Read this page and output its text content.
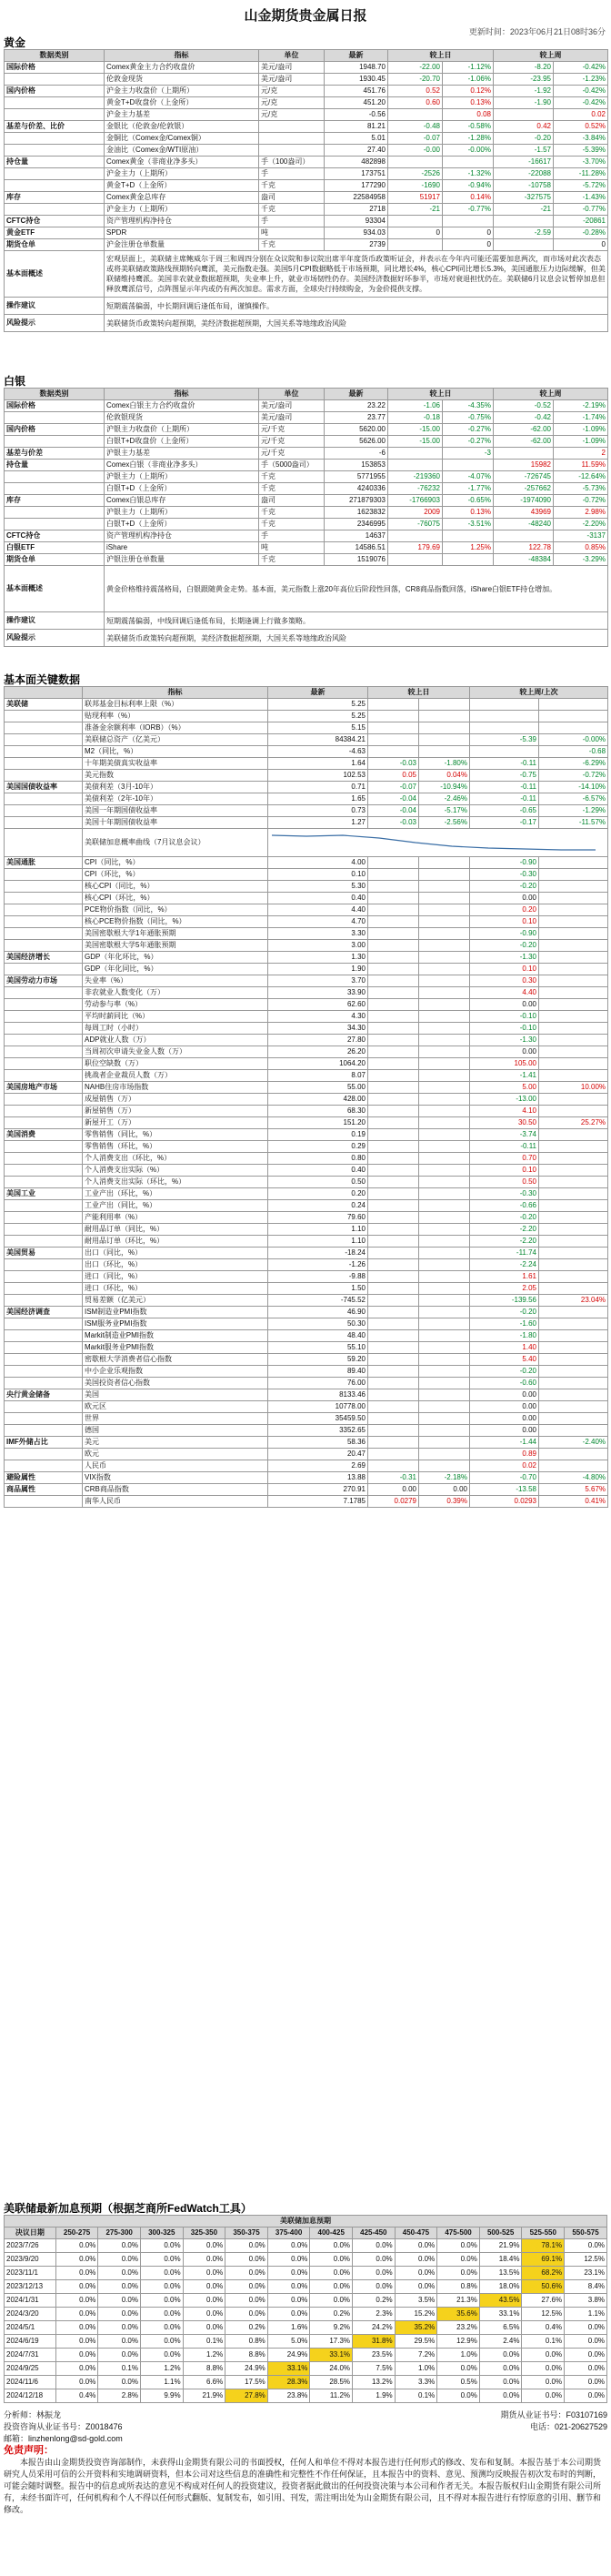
山金期货贵金属日报
更新时间：2023年06月21日08时36分
黄金
数据类别	指标	单位	最新	较上日		较上周	
国际价格	Comex黄金主力合约收盘价	美元/盎司	1948.70	-22.00	-1.12%	-8.20	-0.42%
	伦敦金现货	美元/盎司	1930.45	-20.70	-1.06%	-23.95	-1.23%
国内价格	沪金主力收盘价（上期所）	元/克	451.76	0.52	0.12%	-1.92	-0.42%
	黄金T+D收盘价（上金所）	元/克	451.20	0.60	0.13%	-1.90	-0.42%
	沪金主力基差	元/克	-0.56		0.08		0.02
基差与价差、比价	金银比（伦敦金/伦敦银）		81.21	-0.48	-0.58%	0.42	0.52%
	金铜比（Comex金/Comex铜）		5.01	-0.07	-1.28%	-0.20	-3.84%
	金油比（Comex金/WTI原油）		27.40	-0.00	-0.00%	-1.57	-5.39%
持仓量	Comex黄金（非商业净多头）	手（100盎司）	482898			-16617	-3.70%
	沪金主力（上期所）	手	173751	-2526	-1.32%	-22088	-11.28%
	黄金T+D（上金所）	千克	177290	-1690	-0.94%	-10758	-5.72%
库存	Comex黄金总库存	盎司	22584958	51917	0.14%	-327575	-1.43%
	沪金主力（上期所）	千克	2718	-21	-0.77%	-21	-0.77%
CFTC持仓	资产管理机构净持仓	手	93304				-20861
黄金ETF	SPDR	吨	934.03	0	0	-2.59	-0.28%
期货仓单	沪金注册仓单数量	千克	2739		0		0
基本面概述	宏观层面上，美联储主席鲍威尔于周三和周四分别在众议院和参议院出席半年度货币政策听证会，并表示在今年内可能还需要加息两次，而市场对此次表态或将美联储政策路线预期转向鹰派，美元指数走强。美国5月CPI数据略低于市场预期，同比增长4%，核心CPI同比增长5.3%，美国通胀压力边际缓解，但美联储维持鹰派。美国非农就业数据超预期，失业率上升，就业市场韧性仍存。美国经济数据好坏参半，市场对衰退担忧仍在。美联储6月议息会议暂停加息但释放鹰派信号，点阵图显示年内或仍有两次加息。需求方面，全球央行持续购金，为金价提供支撑。						
操作建议	短期震荡偏弱，中长期回调后逢低布局，谨慎操作。						
风险提示	美联储货币政策转向超预期，美经济数据超预期，大国关系等地缘政治风险						
白银
数据类别	指标	单位	最新	较上日		较上周	
国际价格	Comex白银主力合约收盘价	美元/盎司	23.22	-1.06	-4.35%	-0.52	-2.19%
	伦敦银现货	美元/盎司	23.77	-0.18	-0.75%	-0.42	-1.74%
国内价格	沪银主力收盘价（上期所）	元/千克	5620.00	-15.00	-0.27%	-62.00	-1.09%
	白银T+D收盘价（上金所）	元/千克	5626.00	-15.00	-0.27%	-62.00	-1.09%
基差与价差	沪银主力基差	元/千克	-6		-3		2
持仓量	Comex白银（非商业净多头）	手（5000盎司）	153853			15982	11.59%
	沪银主力（上期所）	千克	5771955	-219360	-4.07%	-726745	-12.64%
	白银T+D（上金所）	千克	4240336	-76232	-1.77%	-257662	-5.73%
库存	Comex白银总库存	盎司	271879303	-1766903	-0.65%	-1974090	-0.72%
	沪银主力（上期所）	千克	1623832	2009	0.13%	43969	2.98%
	白银T+D（上金所）	千克	2346995	-76075	-3.51%	-48240	-2.20%
CFTC持仓	资产管理机构净持仓	手	14637				-3137
白银ETF	iShare	吨	14586.51	179.69	1.25%	122.78	0.85%
期货仓单	沪银注册仓单数量	千克	1519076			-48384	-3.29%
基本面概述	黄金价格维持震荡格局，白银跟随黄金走势。基本面，美元指数上涨20年高位后阶段性回落，CR8商品指数回落，iShare白银ETF持仓增加。						
操作建议	短期震荡偏弱，中线回调后逢低布局，长期逢调上行做多策略。						
风险提示	美联储货币政策转向超预期，美经济数据超预期，大国关系等地缘政治风险						
基本面关键数据
	指标	最新	较上日		较上周/上次	
美联储	联邦基金目标利率上限（%）	5.25				
	贴现利率（%）	5.25				
	准备金余额利率（IORB）（%）	5.15				
	美联储总资产（亿美元）	84384.21			-5.39	-0.00%
	M2（同比，%）	-4.63				-0.68
	十年期美债真实收益率	1.64	-0.03	-1.80%	-0.11	-6.29%
	美元指数	102.53	0.05	0.04%	-0.75	-0.72%
美国国债收益率	美债利差（3月-10年）	0.71	-0.07	-10.94%	-0.11	-14.10%
	美债利差（2年-10年）	1.65	-0.04	-2.46%	-0.11	-6.57%
	美国一年期国债收益率	0.73	-0.04	-5.17%	-0.65	-1.29%
	美国十年期国债收益率	1.27	-0.03	-2.56%	-0.17	-11.57%
	美联储加息概率曲线（7月议息会议）	

美国通胀	CPI（同比，%）	4.00			-0.90	
	CPI（环比，%）	0.10			-0.30	
	核心CPI（同比，%）	5.30			-0.20	
	核心CPI（环比，%）	0.40			0.00	
	PCE物价指数（同比，%）	4.40			0.20	
	核心PCE物价指数（同比，%）	4.70			0.10	
	美国密歇根大学1年通胀预期	3.30			-0.90	
	美国密歇根大学5年通胀预期	3.00			-0.20	
美国经济增长	GDP（年化环比，%）	1.30			-1.30	
	GDP（年化同比，%）	1.90			0.10	
美国劳动力市场	失业率（%）	3.70			0.30	
	非农就业人数变化（万）	33.90			4.40	
	劳动参与率（%）	62.60			0.00	
	平均时薪同比（%）	4.30			-0.10	
	每周工时（小时）	34.30			-0.10	
	ADP就业人数（万）	27.80			-1.30	
	当周初次申请失业金人数（万）	26.20			0.00	
	职位空缺数（万）	1064.20			105.00	
	挑战者企业裁员人数（万）	8.07			-1.41	
美国房地产市场	NAHB住房市场指数	55.00			5.00	10.00%
	成屋销售（万）	428.00			-13.00	
	新屋销售（万）	68.30			4.10	
	新屋开工（万）	151.20			30.50	25.27%
美国消费	零售销售（同比，%）	0.19			-3.74	
	零售销售（环比，%）	0.29			-0.11	
	个人消费支出（环比，%）	0.80			0.70	
	个人消费支出实际（%）	0.40			0.10	
	个人消费支出实际（环比，%）	0.50			0.50	
美国工业	工业产出（环比，%）	0.20			-0.30	
	工业产出（同比，%）	0.24			-0.66	
	产能利用率（%）	79.60			-0.20	
	耐用品订单（同比，%）	1.10			-2.20	
	耐用品订单（环比，%）	1.10			-2.20	
美国贸易	出口（同比，%）	-18.24			-11.74	
	出口（环比，%）	-1.26			-2.24	
	进口（同比，%）	-9.88			1.61	
	进口（环比，%）	1.50			2.05	
	贸易差额（亿美元）	-745.52			-139.56	23.04%
美国经济调查	ISM制造业PMI指数	46.90			-0.20	
	ISM服务业PMI指数	50.30			-1.60	
	Markit制造业PMI指数	48.40			-1.80	
	Markit服务业PMI指数	55.10			1.40	
	密歇根大学消费者信心指数	59.20			5.40	
	中小企业乐观指数	89.40			-0.20	
	美国投资者信心指数	76.00			-0.60	
央行黄金储备	美国	8133.46			0.00	
	欧元区	10778.00			0.00	
	世界	35459.50			0.00	
	德国	3352.65			0.00	
IMF外储占比	美元	58.36			-1.44	-2.40%
	欧元	20.47			0.89	
	人民币	2.69			0.02	
避险属性	VIX指数	13.88	-0.31	-2.18%	-0.70	-4.80%
商品属性	CRB商品指数	270.91	0.00	0.00	-13.58	5.67%
	南华人民币	7.1785	0.0279	0.39%	0.0293	0.41%
美联储最新加息预期（根据芝商所FedWatch工具）
美联储加息预期													
决议日期	250-275	275-300	300-325	325-350	350-375	375-400	400-425	425-450	450-475	475-500	500-525	525-550	550-575
2023/7/26	0.0%	0.0%	0.0%	0.0%	0.0%	0.0%	0.0%	0.0%	0.0%	0.0%	21.9%	78.1%	0.0%
2023/9/20	0.0%	0.0%	0.0%	0.0%	0.0%	0.0%	0.0%	0.0%	0.0%	0.0%	18.4%	69.1%	12.5%
2023/11/1	0.0%	0.0%	0.0%	0.0%	0.0%	0.0%	0.0%	0.0%	0.0%	0.0%	13.5%	68.2%	23.1%
2023/12/13	0.0%	0.0%	0.0%	0.0%	0.0%	0.0%	0.0%	0.0%	0.0%	0.8%	18.0%	50.6%	8.4%
2024/1/31	0.0%	0.0%	0.0%	0.0%	0.0%	0.0%	0.0%	0.2%	3.5%	21.3%	43.5%	27.6%	3.8%
2024/3/20	0.0%	0.0%	0.0%	0.0%	0.0%	0.0%	0.2%	2.3%	15.2%	35.6%	33.1%	12.5%	1.1%
2024/5/1	0.0%	0.0%	0.0%	0.0%	0.2%	1.6%	9.2%	24.2%	35.2%	23.2%	6.5%	0.4%	0.0%
2024/6/19	0.0%	0.0%	0.0%	0.1%	0.8%	5.0%	17.3%	31.8%	29.5%	12.9%	2.4%	0.1%	0.0%
2024/7/31	0.0%	0.0%	0.0%	1.2%	8.8%	24.9%	33.1%	23.5%	7.2%	1.0%	0.0%	0.0%	0.0%
2024/9/25	0.0%	0.1%	1.2%	8.8%	24.9%	33.1%	24.0%	7.5%	1.0%	0.0%	0.0%	0.0%	0.0%
2024/11/6	0.0%	0.0%	1.1%	6.6%	17.5%	28.3%	28.5%	13.2%	3.3%	0.5%	0.0%	0.0%	0.0%
2024/12/18	0.4%	2.8%	9.9%	21.9%	27.8%	23.8%	11.2%	1.9%	0.1%	0.0%	0.0%	0.0%	0.0%
分析师：林振龙	期货从业证书号：F03107169
投资咨询从业证书号：Z0018476	电话：021-20627529
邮箱：linzhenlong@sd-gold.com
免责声明：
本报告由山金期货投资咨询部制作，未获得山金期货有限公司的书面授权，任何人和单位不得对本报告进行任何形式的修改、发布和复制。本报告基于本公司期货研究人员采用可信的公开资料和实地调研资料，但本公司对这些信息的准确性和完整性不作任何保证，且本报告中的资料、意见、预测均反映报告初次发布时的判断，可能会随时调整。报告中的信息或所表达的意见不构成对任何人的投资建议，投资者据此做出的任何投资决策与本公司和作者无关。本报告版权归山金期货有限公司所有，未经书面许可，任何机构和个人不得以任何形式翻版、复制发布，如引用、刊发，需注明出处为山金期货有限公司，且不得对本报告进行有悖原意的引用、删节和修改。
